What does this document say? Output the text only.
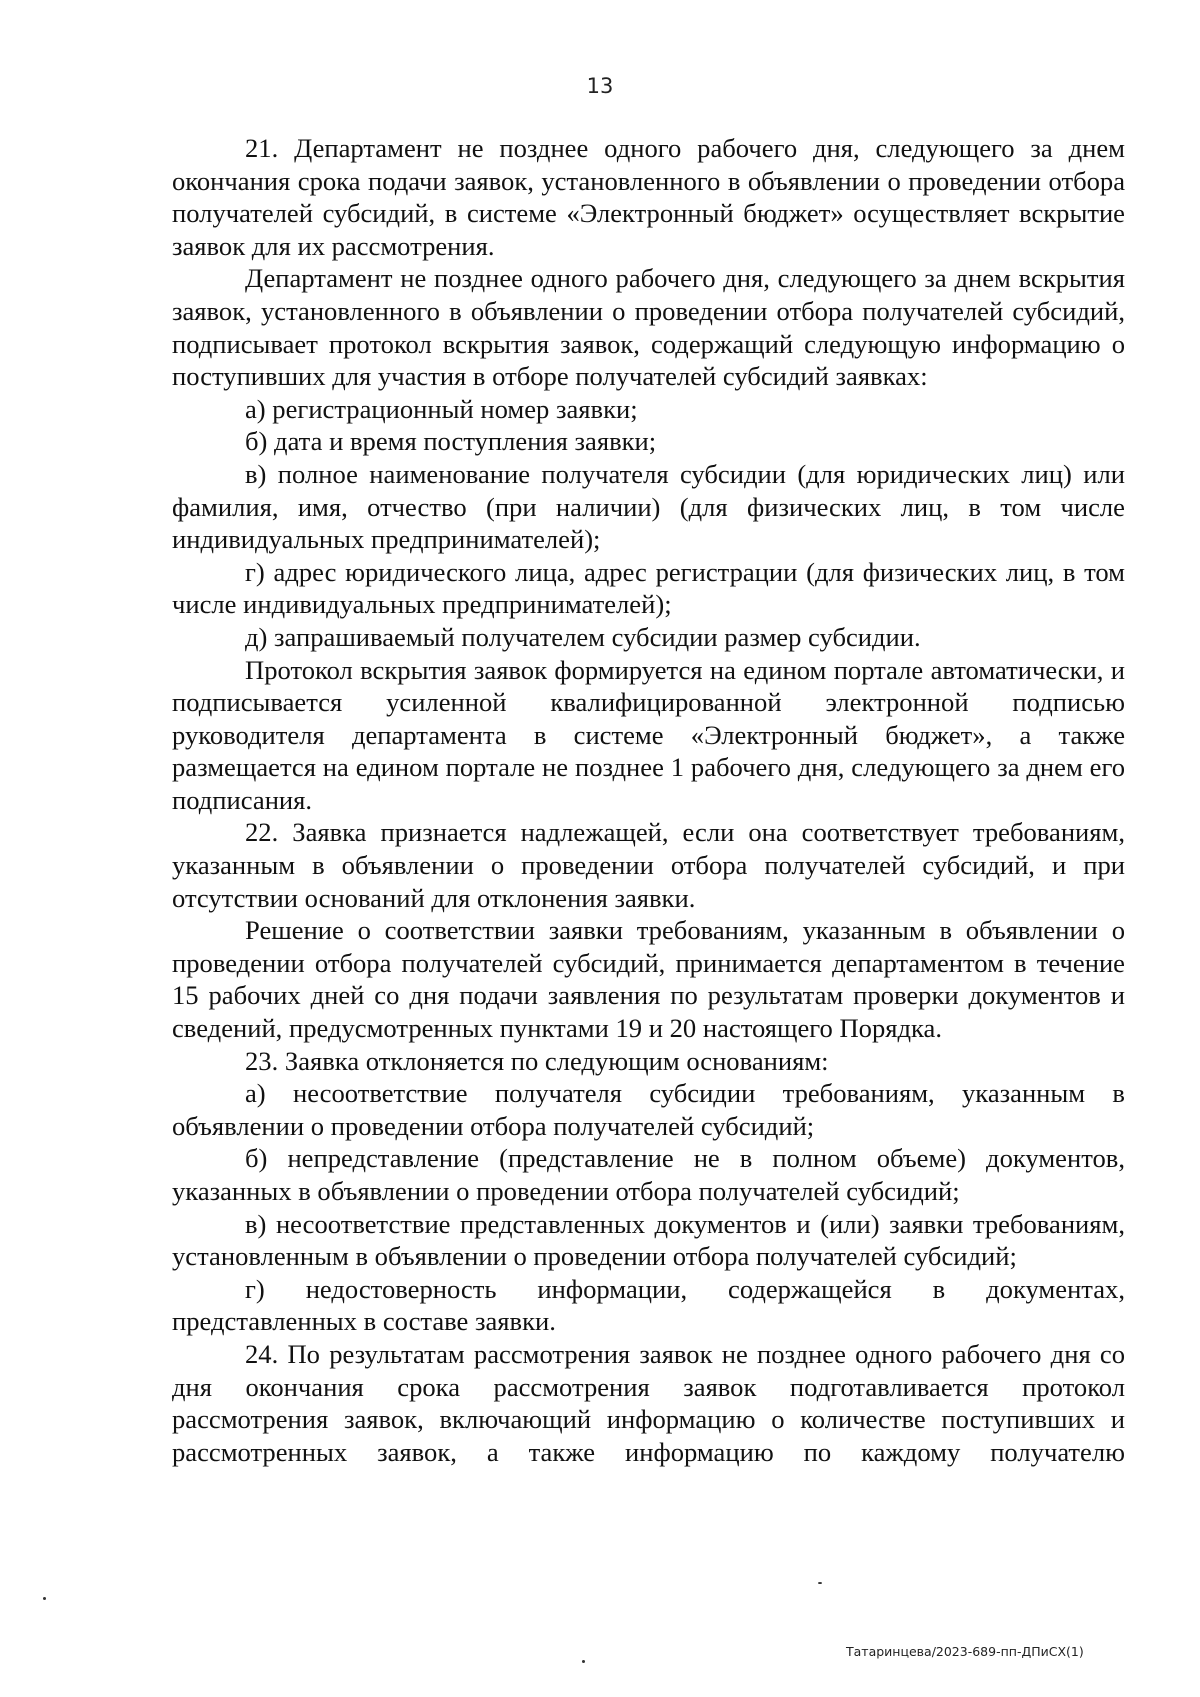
13

21. Департамент не позднее одного рабочего дня, следующего за днем окончания срока подачи заявок, установленного в объявлении о проведении отбора получателей субсидий, в системе «Электронный бюджет» осуществляет вскрытие заявок для их рассмотрения.

Департамент не позднее одного рабочего дня, следующего за днем вскрытия заявок, установленного в объявлении о проведении отбора получателей субсидий, подписывает протокол вскрытия заявок, содержащий следующую информацию о поступивших для участия в отборе получателей субсидий заявках:

а) регистрационный номер заявки;

б) дата и время поступления заявки;

в) полное наименование получателя субсидии (для юридических лиц) или фамилия, имя, отчество (при наличии) (для физических лиц, в том числе индивидуальных предпринимателей);

г) адрес юридического лица, адрес регистрации (для физических лиц, в том числе индивидуальных предпринимателей);

д) запрашиваемый получателем субсидии размер субсидии.

Протокол вскрытия заявок формируется на едином портале автоматически, и подписывается усиленной квалифицированной электронной подписью руководителя департамента в системе «Электронный бюджет», а также размещается на едином портале не позднее 1 рабочего дня, следующего за днем его подписания.

22. Заявка признается надлежащей, если она соответствует требованиям, указанным в объявлении о проведении отбора получателей субсидий, и при отсутствии оснований для отклонения заявки.

Решение о соответствии заявки требованиям, указанным в объявлении о проведении отбора получателей субсидий, принимается департаментом в течение 15 рабочих дней со дня подачи заявления по результатам проверки документов и сведений, предусмотренных пунктами 19 и 20 настоящего Порядка.

23. Заявка отклоняется по следующим основаниям:

а) несоответствие получателя субсидии требованиям, указанным в объявлении о проведении отбора получателей субсидий;

б) непредставление (представление не в полном объеме) документов, указанных в объявлении о проведении отбора получателей субсидий;

в) несоответствие представленных документов и (или) заявки требованиям, установленным в объявлении о проведении отбора получателей субсидий;

г) недостоверность информации, содержащейся в документах, представленных в составе заявки.

24. По результатам рассмотрения заявок не позднее одного рабочего дня со дня окончания срока рассмотрения заявок подготавливается протокол рассмотрения заявок, включающий информацию о количестве поступивших и рассмотренных заявок, а также информацию по каждому получателю

Татаринцева/2023-689-пп-ДПиСХ(1)
